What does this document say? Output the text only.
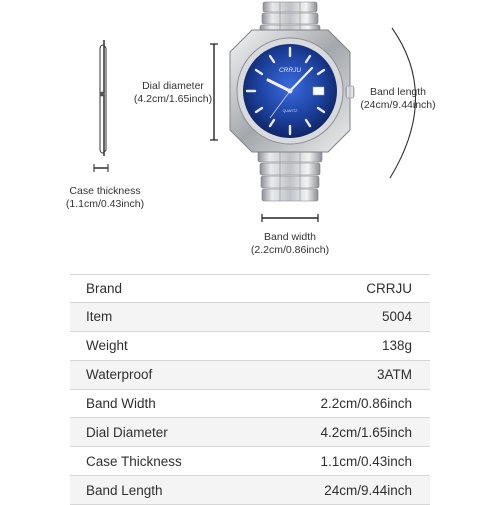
CRRJU
QUARTZ
Case thickness
(1.1cm/0.43inch)
Dial diameter
(4.2cm/1.65inch)
Band length
(24cm/9.44inch)
Band width
(2.2cm/0.86inch)
Brand	CRRJU
Item	5004
Weight	138g
Waterproof	3ATM
Band Width	2.2cm/0.86inch
Dial Diameter	4.2cm/1.65inch
Case Thickness	1.1cm/0.43inch
Band Length	24cm/9.44inch
